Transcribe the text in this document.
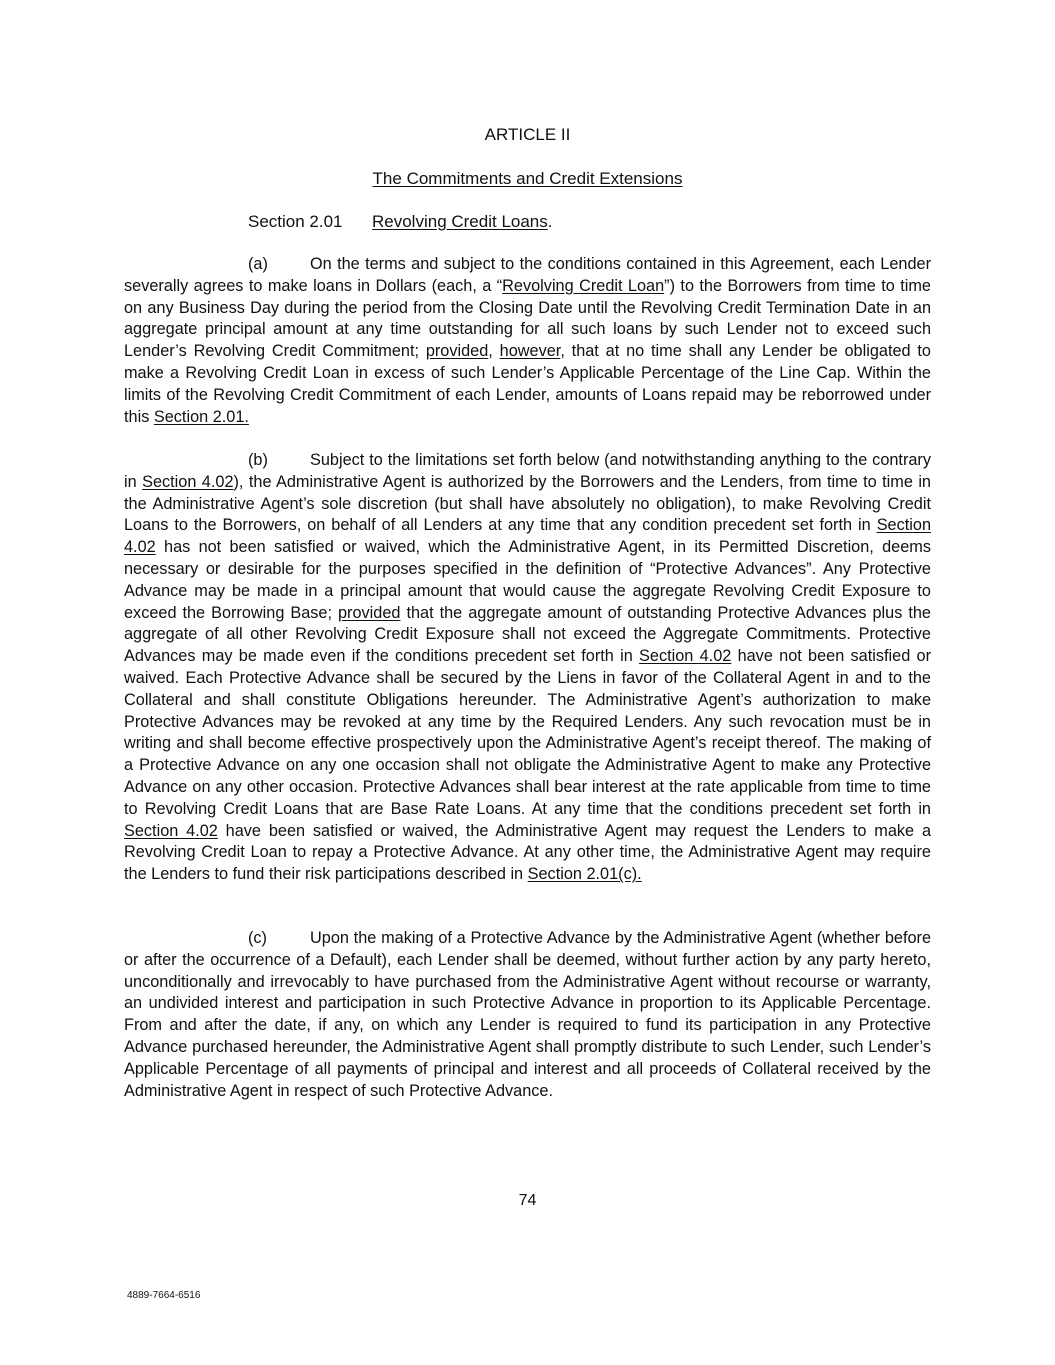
ARTICLE II
The Commitments and Credit Extensions
Section 2.01 Revolving Credit Loans.

(a)	On the terms and subject to the conditions contained in this Agreement, each Lender severally agrees to make loans in Dollars (each, a “Revolving Credit Loan”) to the Borrowers from time to time on any Business Day during the period from the Closing Date until the Revolving Credit Termination Date in an aggregate principal amount at any time outstanding for all such loans by such Lender not to exceed such Lender’s Revolving Credit Commitment; provided, however, that at no time shall any Lender be obligated to make a Revolving Credit Loan in excess of such Lender’s Applicable Percentage of the Line Cap. Within the limits of the Revolving Credit Commitment of each Lender, amounts of Loans repaid may be reborrowed under this Section 2.01.

(b)	Subject to the limitations set forth below (and notwithstanding anything to the contrary in Section 4.02), the Administrative Agent is authorized by the Borrowers and the Lenders, from time to time in the Administrative Agent’s sole discretion (but shall have absolutely no obligation), to make Revolving Credit Loans to the Borrowers, on behalf of all Lenders at any time that any condition precedent set forth in Section 4.02 has not been satisfied or waived, which the Administrative Agent, in its Permitted Discretion, deems necessary or desirable for the purposes specified in the definition of “Protective Advances”. Any Protective Advance may be made in a principal amount that would cause the aggregate Revolving Credit Exposure to exceed the Borrowing Base; provided that the aggregate amount of outstanding Protective Advances plus the aggregate of all other Revolving Credit Exposure shall not exceed the Aggregate Commitments. Protective Advances may be made even if the conditions precedent set forth in Section 4.02 have not been satisfied or waived. Each Protective Advance shall be secured by the Liens in favor of the Collateral Agent in and to the Collateral and shall constitute Obligations hereunder. The Administrative Agent’s authorization to make Protective Advances may be revoked at any time by the Required Lenders. Any such revocation must be in writing and shall become effective prospectively upon the Administrative Agent’s receipt thereof. The making of a Protective Advance on any one occasion shall not obligate the Administrative Agent to make any Protective Advance on any other occasion. Protective Advances shall bear interest at the rate applicable from time to time to Revolving Credit Loans that are Base Rate Loans. At any time that the conditions precedent set forth in Section 4.02 have been satisfied or waived, the Administrative Agent may request the Lenders to make a Revolving Credit Loan to repay a Protective Advance. At any other time, the Administrative Agent may require the Lenders to fund their risk participations described in Section 2.01(c).

(c)	Upon the making of a Protective Advance by the Administrative Agent (whether before or after the occurrence of a Default), each Lender shall be deemed, without further action by any party hereto, unconditionally and irrevocably to have purchased from the Administrative Agent without recourse or warranty, an undivided interest and participation in such Protective Advance in proportion to its Applicable Percentage. From and after the date, if any, on which any Lender is required to fund its participation in any Protective Advance purchased hereunder, the Administrative Agent shall promptly distribute to such Lender, such Lender’s Applicable Percentage of all payments of principal and interest and all proceeds of Collateral received by the Administrative Agent in respect of such Protective Advance.

74
4889-7664-6516
